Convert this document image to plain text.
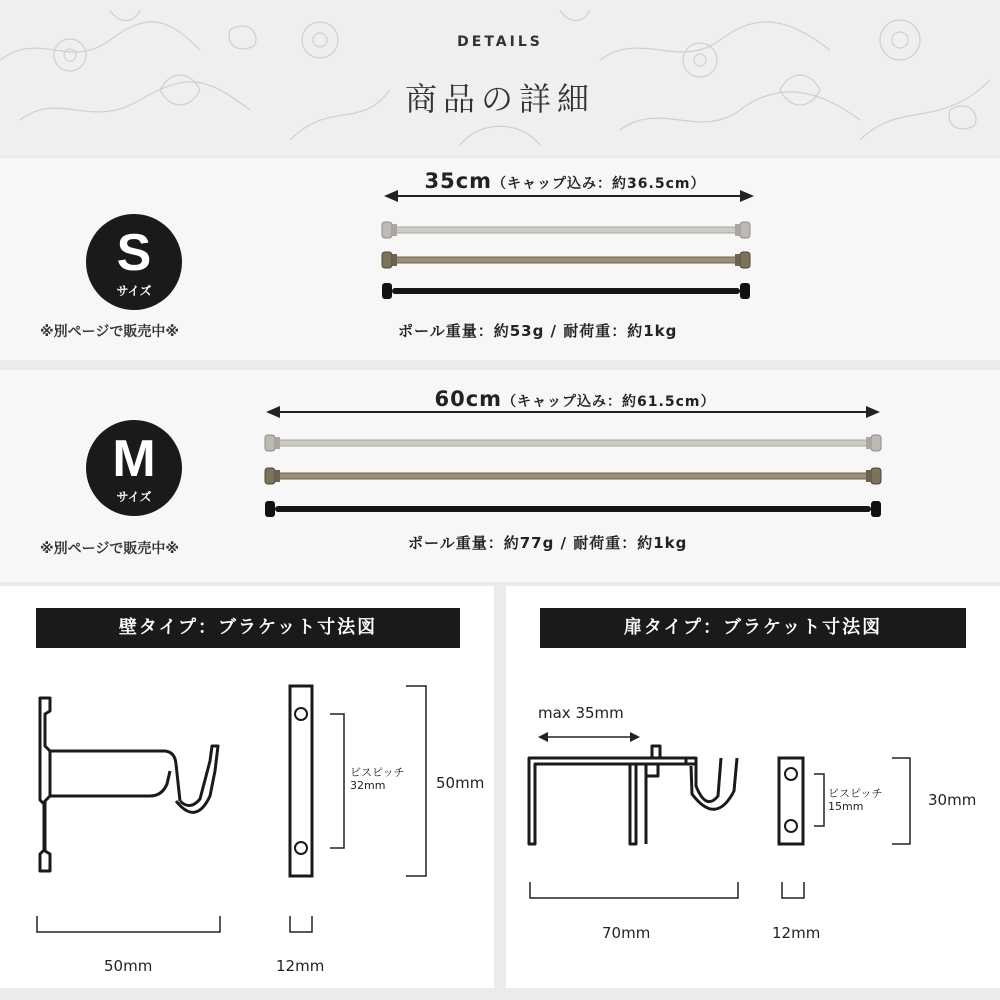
DETAILS
商品の詳細
S
サイズ
※別ページで販売中※
35cm（キャップ込み：約36.5cm）
ポール重量：約53g / 耐荷重：約1kg
M
サイズ
※別ページで販売中※
60cm（キャップ込み：約61.5cm）
ポール重量：約77g / 耐荷重：約1kg
壁タイプ：ブラケット寸法図
ビスピッチ
32mm	50mm
50mm	12mm
扉タイプ：ブラケット寸法図
max 35mm
ビスピッチ
15mm	30mm
70mm	12mm
